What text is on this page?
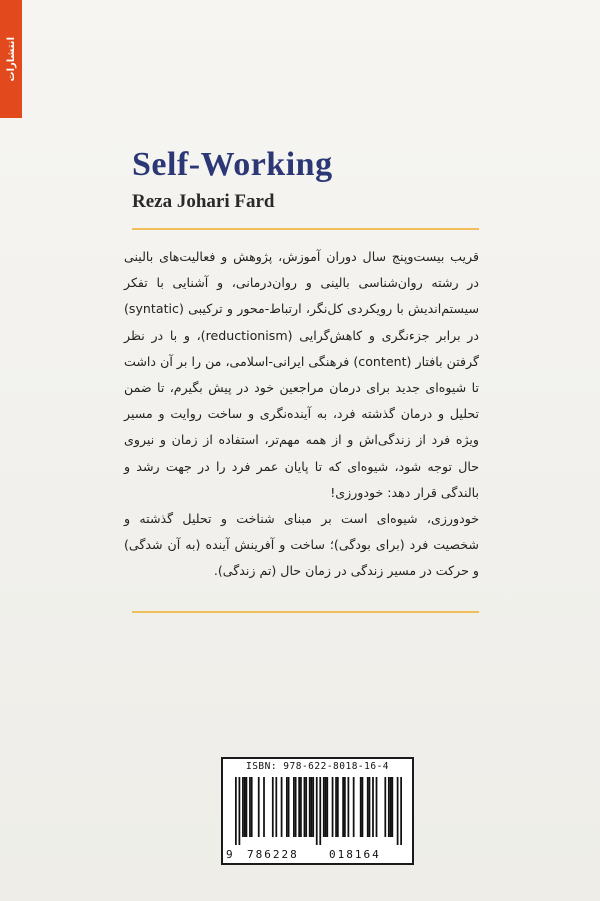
انتشارات
Self-Working
Reza Johari Fard

قریب بیست‌وپنج سال دوران آموزش، پژوهش و فعالیت‌های بالینی در رشته روان‌شناسی بالینی و روان‌درمانی، و آشنایی با تفکر سیستم‌اندیش با رویکردی کل‌نگر، ارتباط-محور و ترکیبی (syntatic) در برابر جزء‌نگری و کاهش‌گرایی (reductionism)، و با در نظر گرفتن بافتار (content) فرهنگی ایرانی-اسلامی، من را بر آن داشت تا شیوه‌ای جدید برای درمان مراجعین خود در پیش بگیرم، تا ضمن تحلیل و درمان گذشته فرد، به آینده‌نگری و ساخت روایت و مسیر ویژه فرد از زندگی‌اش و از همه مهم‌تر، استفاده از زمان و نیروی حال توجه شود، شیوه‌ای که تا پایان عمر فرد را در جهت رشد و بالندگی قرار دهد: خودورزی!

خودورزی، شیوه‌ای است بر مبنای شناخت و تحلیل گذشته و شخصیت فرد (برای بودگی)؛ ساخت و آفرینش آینده (به آن شدگی) و حرکت در مسیر زندگی در زمان حال (تم زندگی).

ISBN: 978-622-8018-16-4
9 786228	018164
